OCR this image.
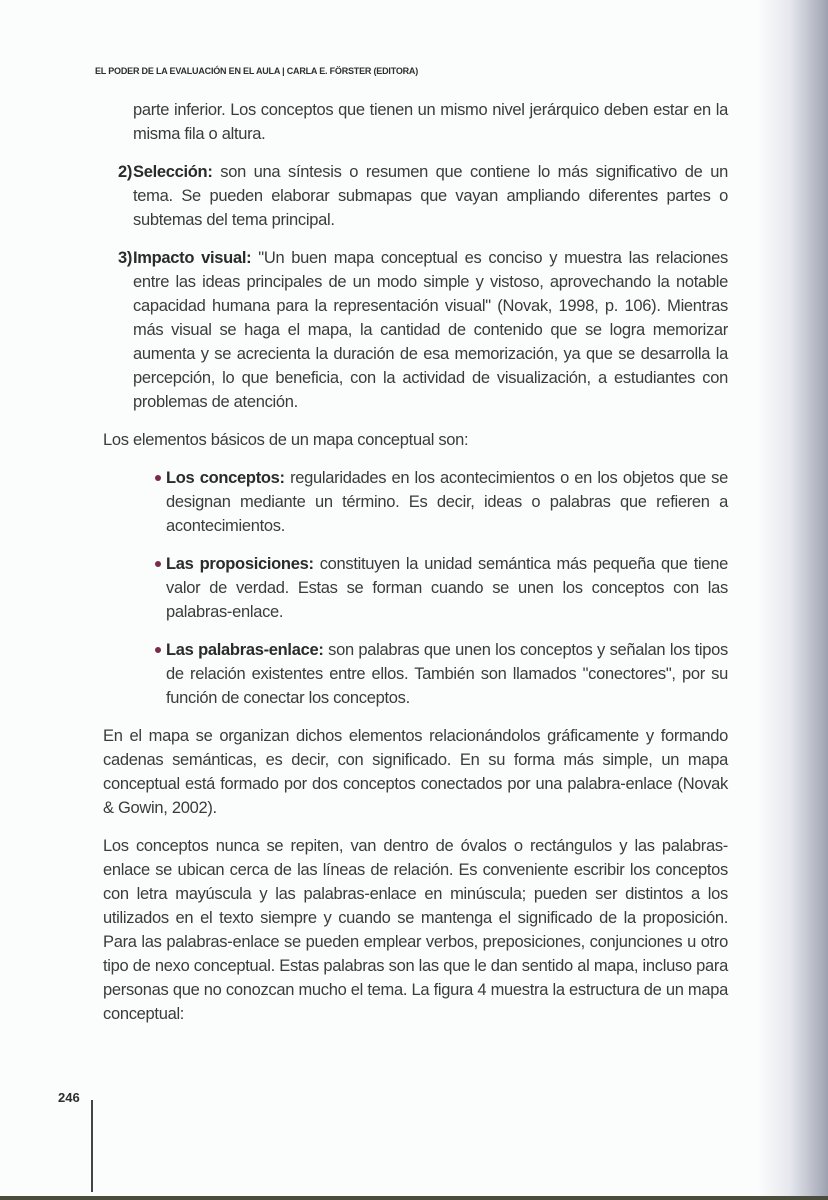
EL PODER DE LA EVALUACIÓN EN EL AULA | CARLA E. FÖRSTER (EDITORA)
parte inferior. Los conceptos que tienen un mismo nivel jerárquico deben estar en la misma fila o altura.
2) Selección: son una síntesis o resumen que contiene lo más significativo de un tema. Se pueden elaborar submapas que vayan ampliando diferentes partes o subtemas del tema principal.
3) Impacto visual: "Un buen mapa conceptual es conciso y muestra las relaciones entre las ideas principales de un modo simple y vistoso, aprovechando la notable capacidad humana para la representación visual" (Novak, 1998, p. 106). Mientras más visual se haga el mapa, la cantidad de contenido que se logra memorizar aumenta y se acrecienta la duración de esa memorización, ya que se desarrolla la percepción, lo que beneficia, con la actividad de visualización, a estudiantes con problemas de atención.

Los elementos básicos de un mapa conceptual son:

Los conceptos: regularidades en los acontecimientos o en los objetos que se designan mediante un término. Es decir, ideas o palabras que refieren a acontecimientos.
Las proposiciones: constituyen la unidad semántica más pequeña que tiene valor de verdad. Estas se forman cuando se unen los conceptos con las palabras-enlace.
Las palabras-enlace: son palabras que unen los conceptos y señalan los tipos de relación existentes entre ellos. También son llamados "conectores", por su función de conectar los conceptos.

En el mapa se organizan dichos elementos relacionándolos gráficamente y formando cadenas semánticas, es decir, con significado. En su forma más simple, un mapa conceptual está formado por dos conceptos conectados por una palabra-enlace (Novak & Gowin, 2002).

Los conceptos nunca se repiten, van dentro de óvalos o rectángulos y las palabras-enlace se ubican cerca de las líneas de relación. Es conveniente escribir los conceptos con letra mayúscula y las palabras-enlace en minúscula; pueden ser distintos a los utilizados en el texto siempre y cuando se mantenga el significado de la proposición. Para las palabras-enlace se pueden emplear verbos, preposiciones, conjunciones u otro tipo de nexo conceptual. Estas palabras son las que le dan sentido al mapa, incluso para personas que no conozcan mucho el tema. La figura 4 muestra la estructura de un mapa conceptual:

246
